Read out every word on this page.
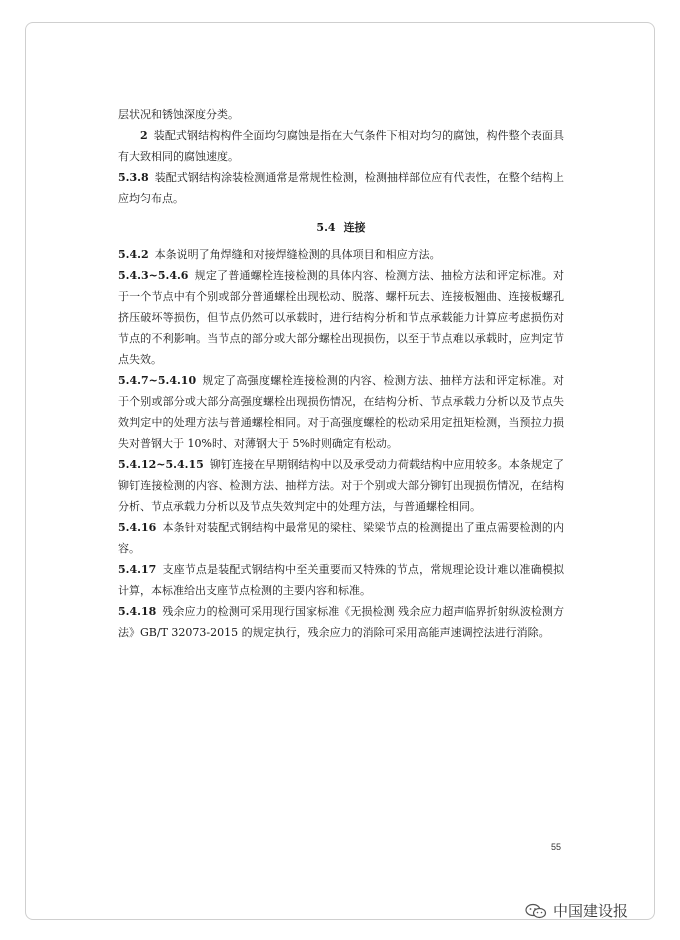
层状况和锈蚀深度分类。

2 装配式钢结构构件全面均匀腐蚀是指在大气条件下相对均匀的腐蚀，构件整个表面具有大致相同的腐蚀速度。

5.3.8 装配式钢结构涂装检测通常是常规性检测，检测抽样部位应有代表性，在整个结构上应均匀布点。

5.4 连接

5.4.2 本条说明了角焊缝和对接焊缝检测的具体项目和相应方法。

5.4.3~5.4.6 规定了普通螺栓连接检测的具体内容、检测方法、抽检方法和评定标准。对于一个节点中有个别或部分普通螺栓出现松动、脱落、螺杆玩去、连接板翘曲、连接板螺孔挤压破坏等损伤，但节点仍然可以承载时，进行结构分析和节点承载能力计算应考虑损伤对节点的不利影响。当节点的部分或大部分螺栓出现损伤，以至于节点难以承载时，应判定节点失效。

5.4.7~5.4.10 规定了高强度螺栓连接检测的内容、检测方法、抽样方法和评定标准。对于个别或部分或大部分高强度螺栓出现损伤情况，在结构分析、节点承载力分析以及节点失效判定中的处理方法与普通螺栓相同。对于高强度螺栓的松动采用定扭矩检测，当预拉力损失对普钢大于 10%时、对薄钢大于 5%时则确定有松动。

5.4.12~5.4.15 铆钉连接在早期钢结构中以及承受动力荷载结构中应用较多。本条规定了铆钉连接检测的内容、检测方法、抽样方法。对于个别或大部分铆钉出现损伤情况，在结构分析、节点承载力分析以及节点失效判定中的处理方法，与普通螺栓相同。

5.4.16 本条针对装配式钢结构中最常见的梁柱、梁梁节点的检测提出了重点需要检测的内容。

5.4.17 支座节点是装配式钢结构中至关重要而又特殊的节点，常规理论设计难以准确模拟计算，本标准给出支座节点检测的主要内容和标准。

5.4.18 残余应力的检测可采用现行国家标准《无损检测 残余应力超声临界折射纵波检测方法》GB/T 32073-2015 的规定执行，残余应力的消除可采用高能声速调控法进行消除。

55
中国建设报
